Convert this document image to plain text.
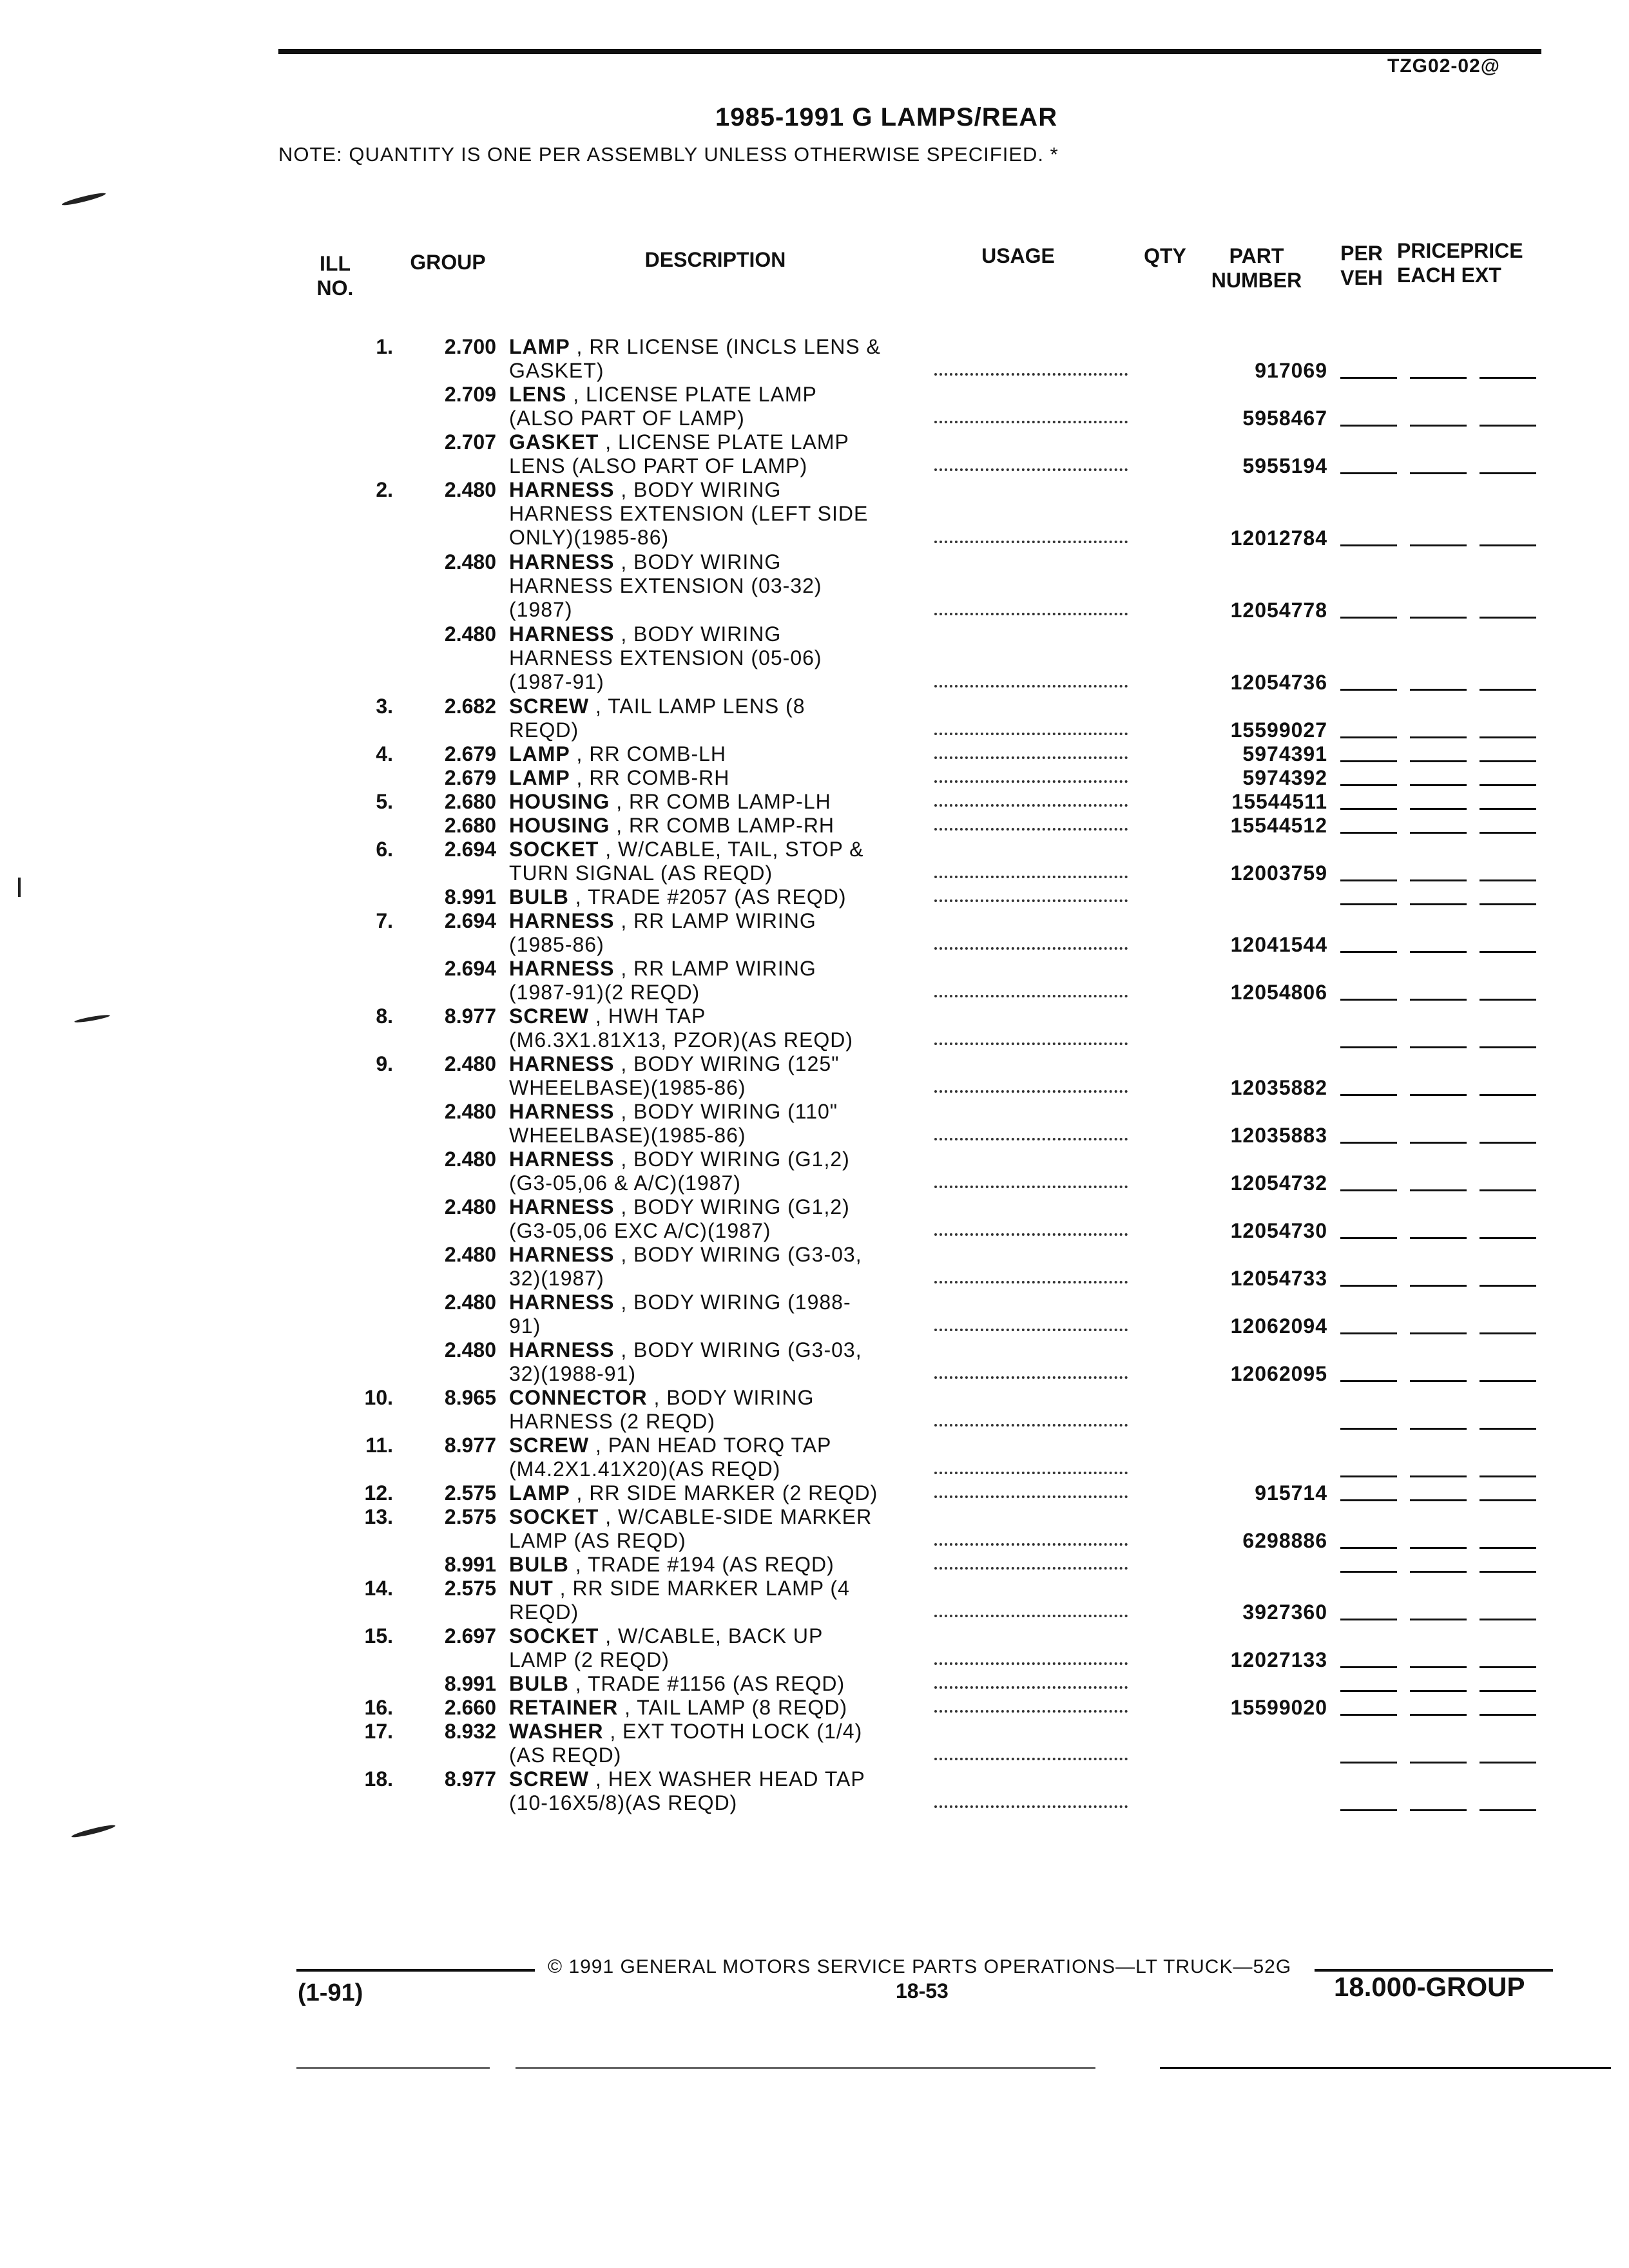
TZG02-02@
1985-1991 G LAMPS/REAR
NOTE: QUANTITY IS ONE PER ASSEMBLY UNLESS OTHERWISE SPECIFIED. *
ILL
NO.
GROUP	DESCRIPTION	USAGE	QTY	PART
NUMBER
PER
VEH
PRICEPRICE
EACH EXT
1.	2.700 LAMP , RR LICENSE (INCLS LENS &
GASKET)	917069
2.709 LENS , LICENSE PLATE LAMP
(ALSO PART OF LAMP)	5958467
2.707 GASKET , LICENSE PLATE LAMP
LENS (ALSO PART OF LAMP)	5955194
2.	2.480 HARNESS , BODY WIRING
HARNESS EXTENSION (LEFT SIDE
ONLY)(1985-86)	12012784
2.480 HARNESS , BODY WIRING
HARNESS EXTENSION (03-32)
(1987)	12054778
2.480 HARNESS , BODY WIRING
HARNESS EXTENSION (05-06)
(1987-91)	12054736
3.	2.682 SCREW , TAIL LAMP LENS (8
REQD)	15599027
4.	2.679 LAMP , RR COMB-LH	5974391
2.679 LAMP , RR COMB-RH	5974392
5.	2.680 HOUSING , RR COMB LAMP-LH	15544511
2.680 HOUSING , RR COMB LAMP-RH	15544512
6.	2.694 SOCKET , W/CABLE, TAIL, STOP &
TURN SIGNAL (AS REQD)	12003759
8.991 BULB , TRADE #2057 (AS REQD)
7.	2.694 HARNESS , RR LAMP WIRING
(1985-86)	12041544
2.694 HARNESS , RR LAMP WIRING
(1987-91)(2 REQD)	12054806
8.	8.977 SCREW , HWH TAP
(M6.3X1.81X13, PZOR)(AS REQD)
9.	2.480 HARNESS , BODY WIRING (125"
WHEELBASE)(1985-86)	12035882
2.480 HARNESS , BODY WIRING (110"
WHEELBASE)(1985-86)	12035883
2.480 HARNESS , BODY WIRING (G1,2)
(G3-05,06 & A/C)(1987)	12054732
2.480 HARNESS , BODY WIRING (G1,2)
(G3-05,06 EXC A/C)(1987)	12054730
2.480 HARNESS , BODY WIRING (G3-03,
32)(1987)	12054733
2.480 HARNESS , BODY WIRING (1988-
91)	12062094
2.480 HARNESS , BODY WIRING (G3-03,
32)(1988-91)	12062095
10.	8.965 CONNECTOR , BODY WIRING
HARNESS (2 REQD)
11.	8.977 SCREW , PAN HEAD TORQ TAP
(M4.2X1.41X20)(AS REQD)
12.	2.575 LAMP , RR SIDE MARKER (2 REQD)	915714
13.	2.575 SOCKET , W/CABLE-SIDE MARKER
LAMP (AS REQD)	6298886
8.991 BULB , TRADE #194 (AS REQD)
14.	2.575 NUT , RR SIDE MARKER LAMP (4
REQD)	3927360
15.	2.697 SOCKET , W/CABLE, BACK UP
LAMP (2 REQD)	12027133
8.991 BULB , TRADE #1156 (AS REQD)
16.	2.660 RETAINER , TAIL LAMP (8 REQD)	15599020
17.	8.932 WASHER , EXT TOOTH LOCK (1/4)
(AS REQD)
18.	8.977 SCREW , HEX WASHER HEAD TAP
(10-16X5/8)(AS REQD)
© 1991 GENERAL MOTORS SERVICE PARTS OPERATIONS—LT TRUCK—52G
(1-91)	18-53	18.000-GROUP
